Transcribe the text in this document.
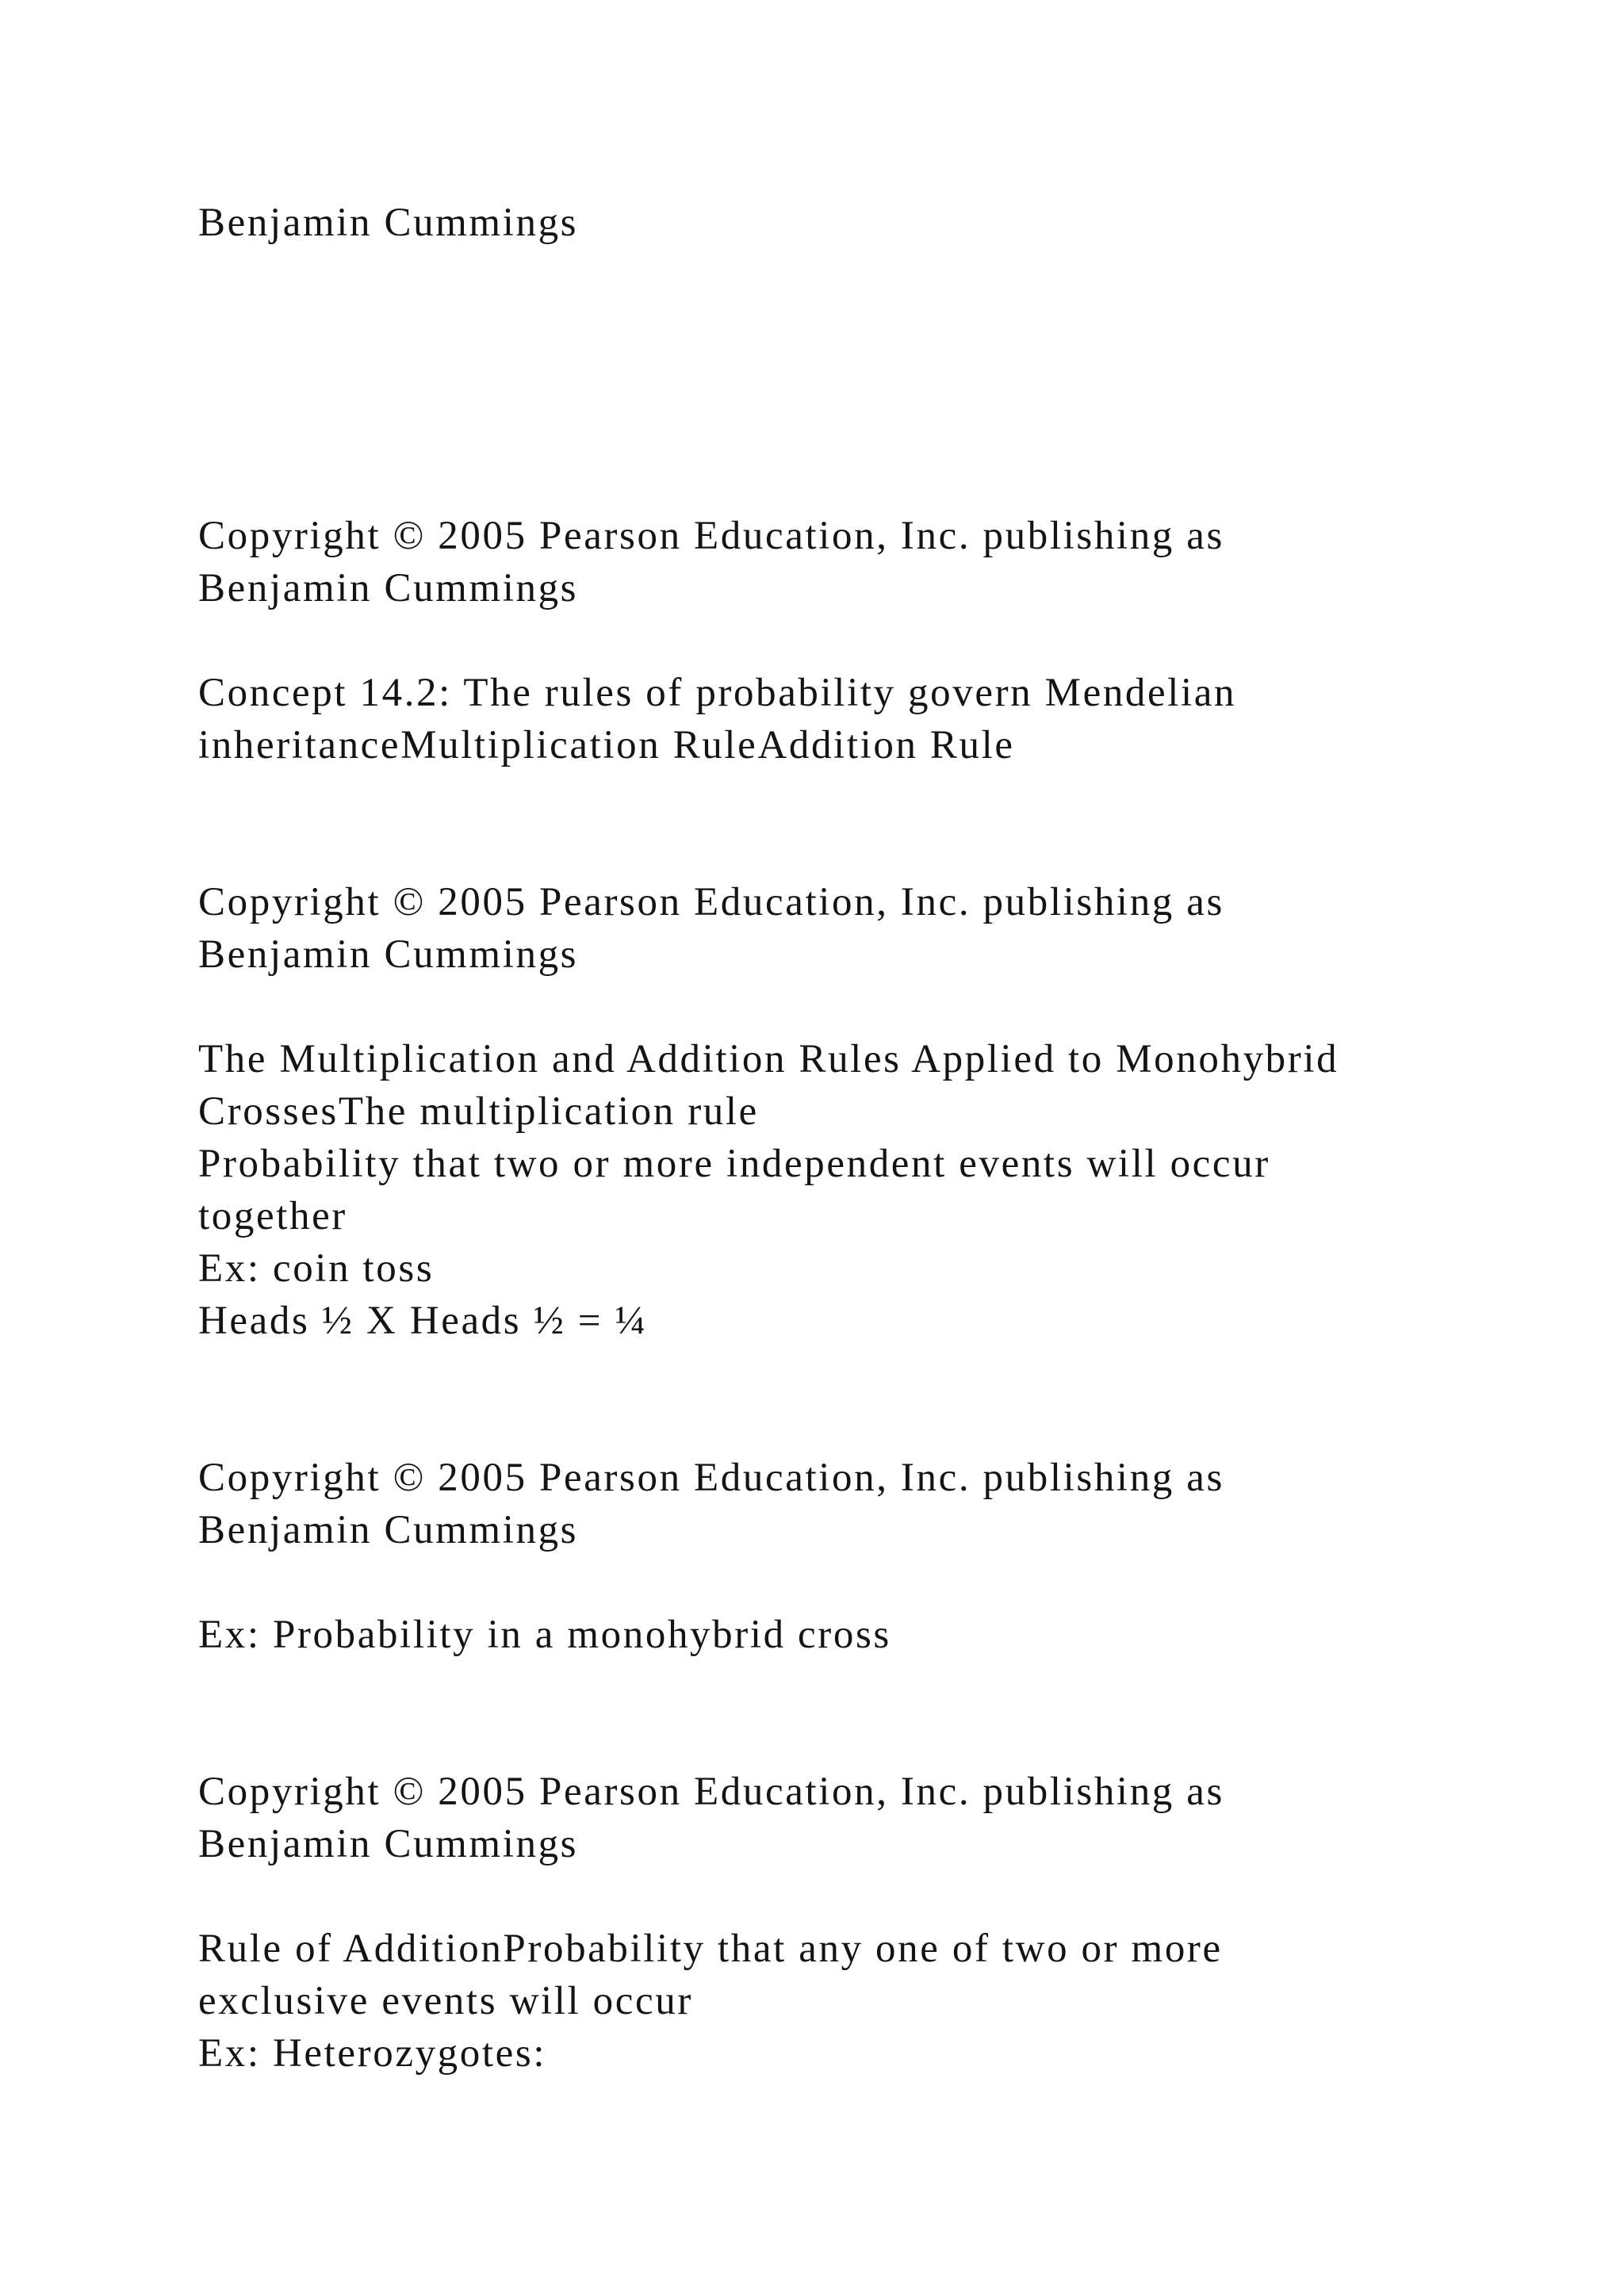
Benjamin Cummings

Copyright © 2005 Pearson Education, Inc. publishing as

Benjamin Cummings

Concept 14.2: The rules of probability govern Mendelian

inheritanceMultiplication RuleAddition Rule

Copyright © 2005 Pearson Education, Inc. publishing as

Benjamin Cummings

The Multiplication and Addition Rules Applied to Monohybrid

CrossesThe multiplication rule

Probability that two or more independent events will occur

together

Ex: coin toss

Heads ½ X Heads ½ = ¼

Copyright © 2005 Pearson Education, Inc. publishing as

Benjamin Cummings

Ex: Probability in a monohybrid cross

Copyright © 2005 Pearson Education, Inc. publishing as

Benjamin Cummings

Rule of AdditionProbability that any one of two or more

exclusive events will occur

Ex: Heterozygotes:
